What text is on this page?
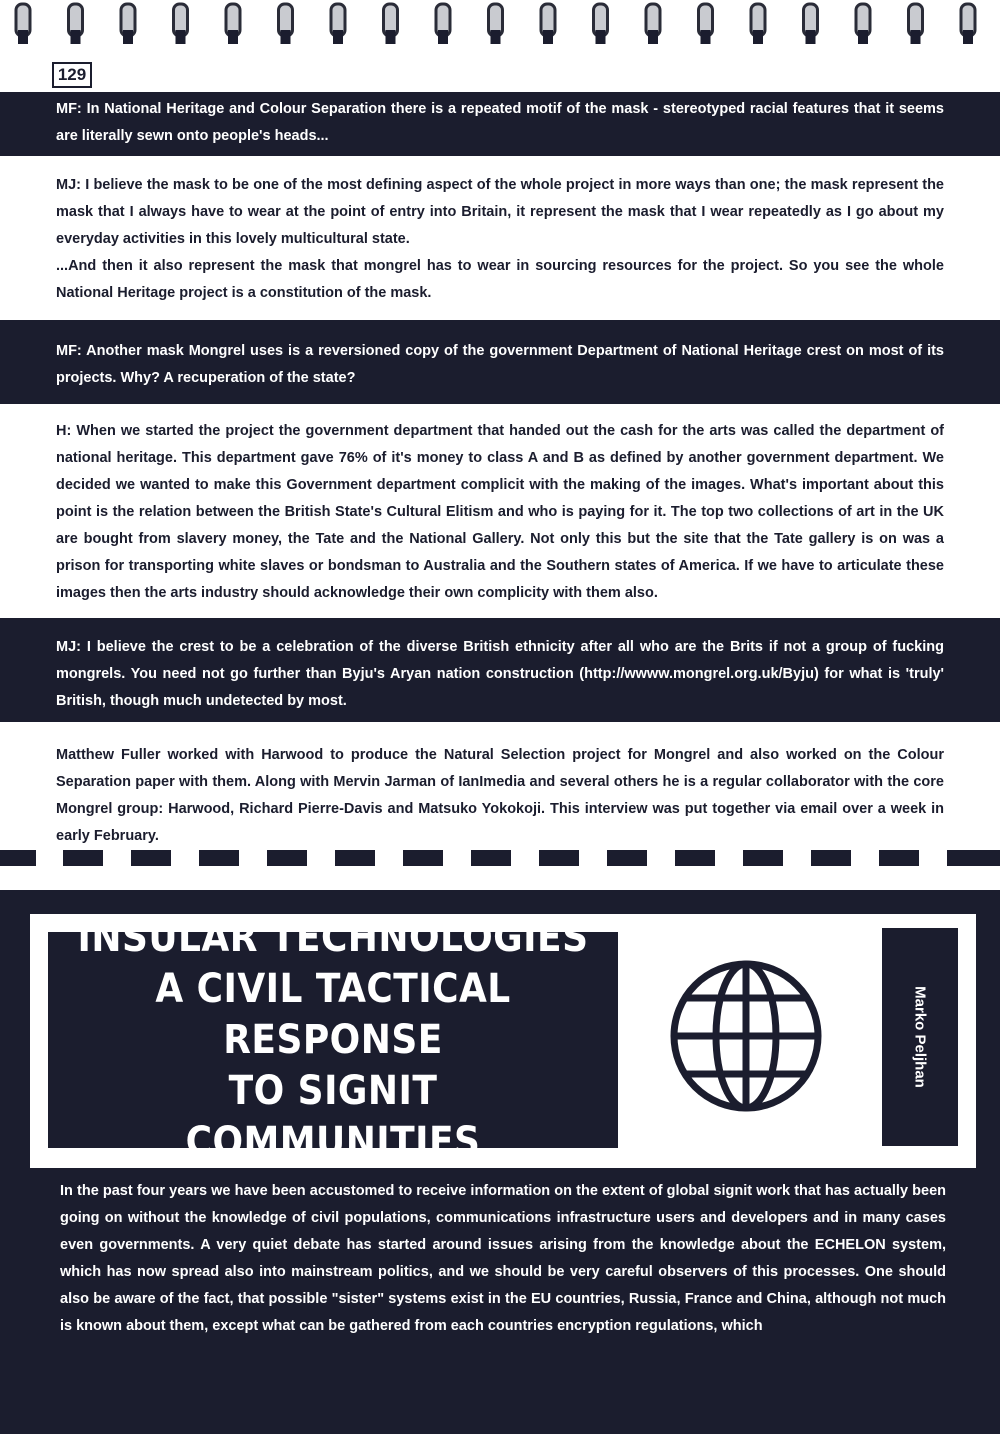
129

MF: In National Heritage and Colour Separation there is a repeated motif of the mask - stereotyped racial features that it seems are literally sewn onto people's heads...

MJ: I believe the mask to be one of the most defining aspect of the whole project in more ways than one; the mask represent the mask that I always have to wear at the point of entry into Britain, it represent the mask that I wear repeatedly as I go about my everyday activities in this lovely multicultural state.

...And then it also represent the mask that mongrel has to wear in sourcing resources for the project. So you see the whole National Heritage project is a constitution of the mask.

MF: Another mask Mongrel uses is a reversioned copy of the government Department of National Heritage crest on most of its projects. Why? A recuperation of the state?

H: When we started the project the government department that handed out the cash for the arts was called the department of national heritage. This department gave 76% of it's money to class A and B as defined by another government department. We decided we wanted to make this Government department complicit with the making of the images. What's important about this point is the relation between the British State's Cultural Elitism and who is paying for it. The top two collections of art in the UK are bought from slavery money, the Tate and the National Gallery. Not only this but the site that the Tate gallery is on was a prison for transporting white slaves or bondsman to Australia and the Southern states of America. If we have to articulate these images then the arts industry should acknowledge their own complicity with them also.

MJ: I believe the crest to be a celebration of the diverse British ethnicity after all who are the Brits if not a group of fucking mongrels. You need not go further than Byju's Aryan nation construction (http://wwww.mongrel.org.uk/Byju) for what is 'truly' British, though much undetected by most.

Matthew Fuller worked with Harwood to produce the Natural Selection project for Mongrel and also worked on the Colour Separation paper with them. Along with Mervin Jarman of IanImedia and several others he is a regular collaborator with the core Mongrel group: Harwood, Richard Pierre-Davis and Matsuko Yokokoji. This interview was put together via email over a week in early February.

INSULAR TECHNOLOGIES
A CIVIL TACTICAL RESPONSE
TO SIGNIT COMMUNITIES
Marko Peljhan

In the past four years we have been accustomed to receive information on the extent of global signit work that has actually been going on without the knowledge of civil populations, communications infrastructure users and developers and in many cases even governments. A very quiet debate has started around issues arising from the knowledge about the ECHELON system, which has now spread also into mainstream politics, and we should be very careful observers of this processes. One should also be aware of the fact, that possible "sister" systems exist in the EU countries, Russia, France and China, although not much is known about them, except what can be gathered from each countries encryption regulations, which
